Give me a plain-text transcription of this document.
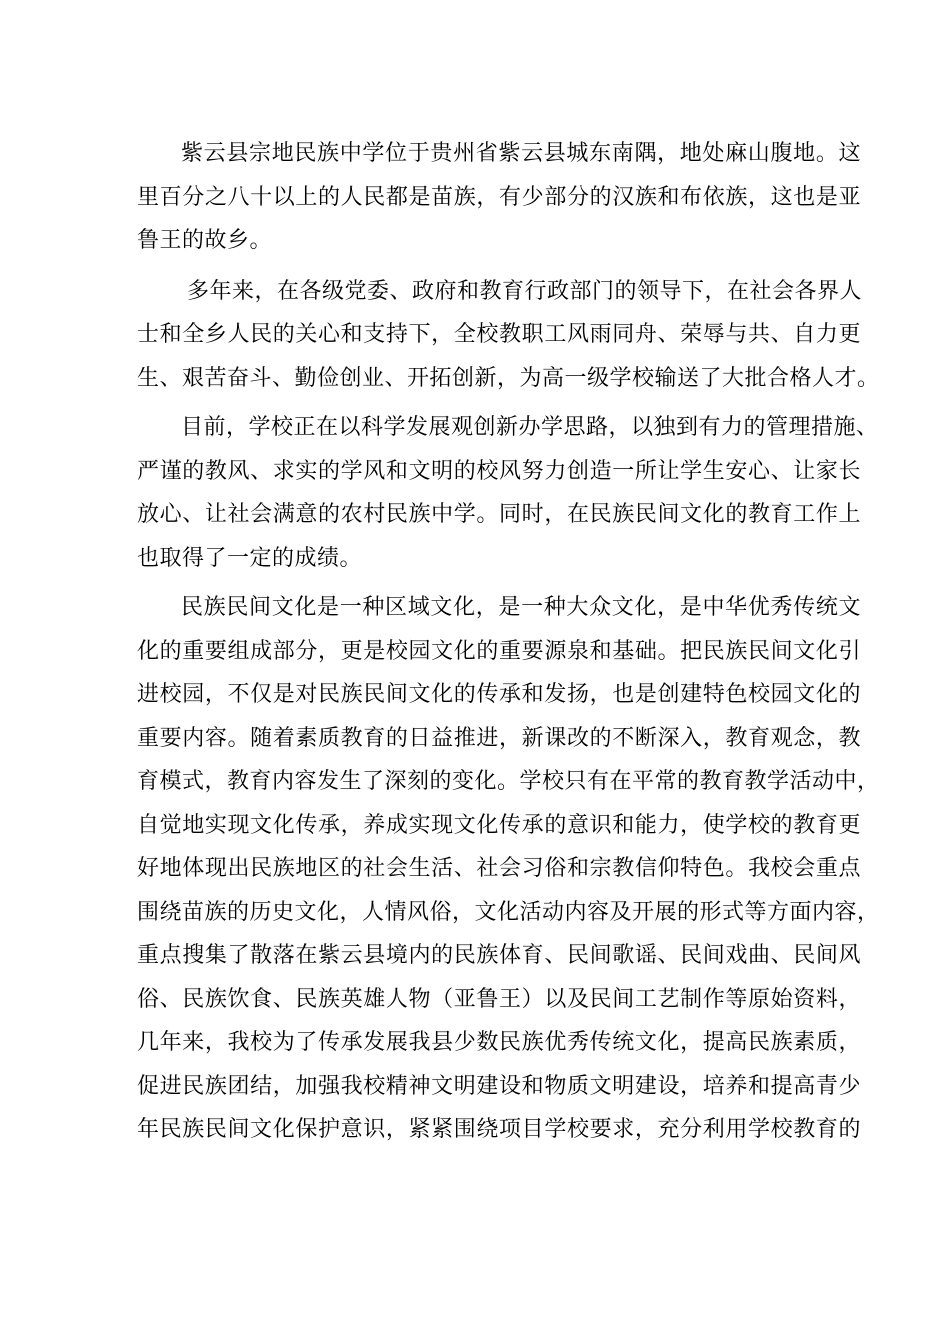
紫云县宗地民族中学位于贵州省紫云县城东南隅，地处麻山腹地。这
里百分之八十以上的人民都是苗族，有少部分的汉族和布依族，这也是亚
鲁王的故乡。
多年来，在各级党委、政府和教育行政部门的领导下，在社会各界人
士和全乡人民的关心和支持下，全校教职工风雨同舟、荣辱与共、自力更
生、艰苦奋斗、勤俭创业、开拓创新，为高一级学校输送了大批合格人才。
目前，学校正在以科学发展观创新办学思路，以独到有力的管理措施、
严谨的教风、求实的学风和文明的校风努力创造一所让学生安心、让家长
放心、让社会满意的农村民族中学。同时，在民族民间文化的教育工作上
也取得了一定的成绩。
民族民间文化是一种区域文化，是一种大众文化，是中华优秀传统文
化的重要组成部分，更是校园文化的重要源泉和基础。把民族民间文化引
进校园，不仅是对民族民间文化的传承和发扬，也是创建特色校园文化的
重要内容。随着素质教育的日益推进，新课改的不断深入，教育观念，教
育模式，教育内容发生了深刻的变化。学校只有在平常的教育教学活动中，
自觉地实现文化传承，养成实现文化传承的意识和能力，使学校的教育更
好地体现出民族地区的社会生活、社会习俗和宗教信仰特色。我校会重点
围绕苗族的历史文化，人情风俗，文化活动内容及开展的形式等方面内容，
重点搜集了散落在紫云县境内的民族体育、民间歌谣、民间戏曲、民间风
俗、民族饮食、民族英雄人物（亚鲁王）以及民间工艺制作等原始资料，
几年来，我校为了传承发展我县少数民族优秀传统文化，提高民族素质，
促进民族团结，加强我校精神文明建设和物质文明建设，培养和提高青少
年民族民间文化保护意识，紧紧围绕项目学校要求，充分利用学校教育的
